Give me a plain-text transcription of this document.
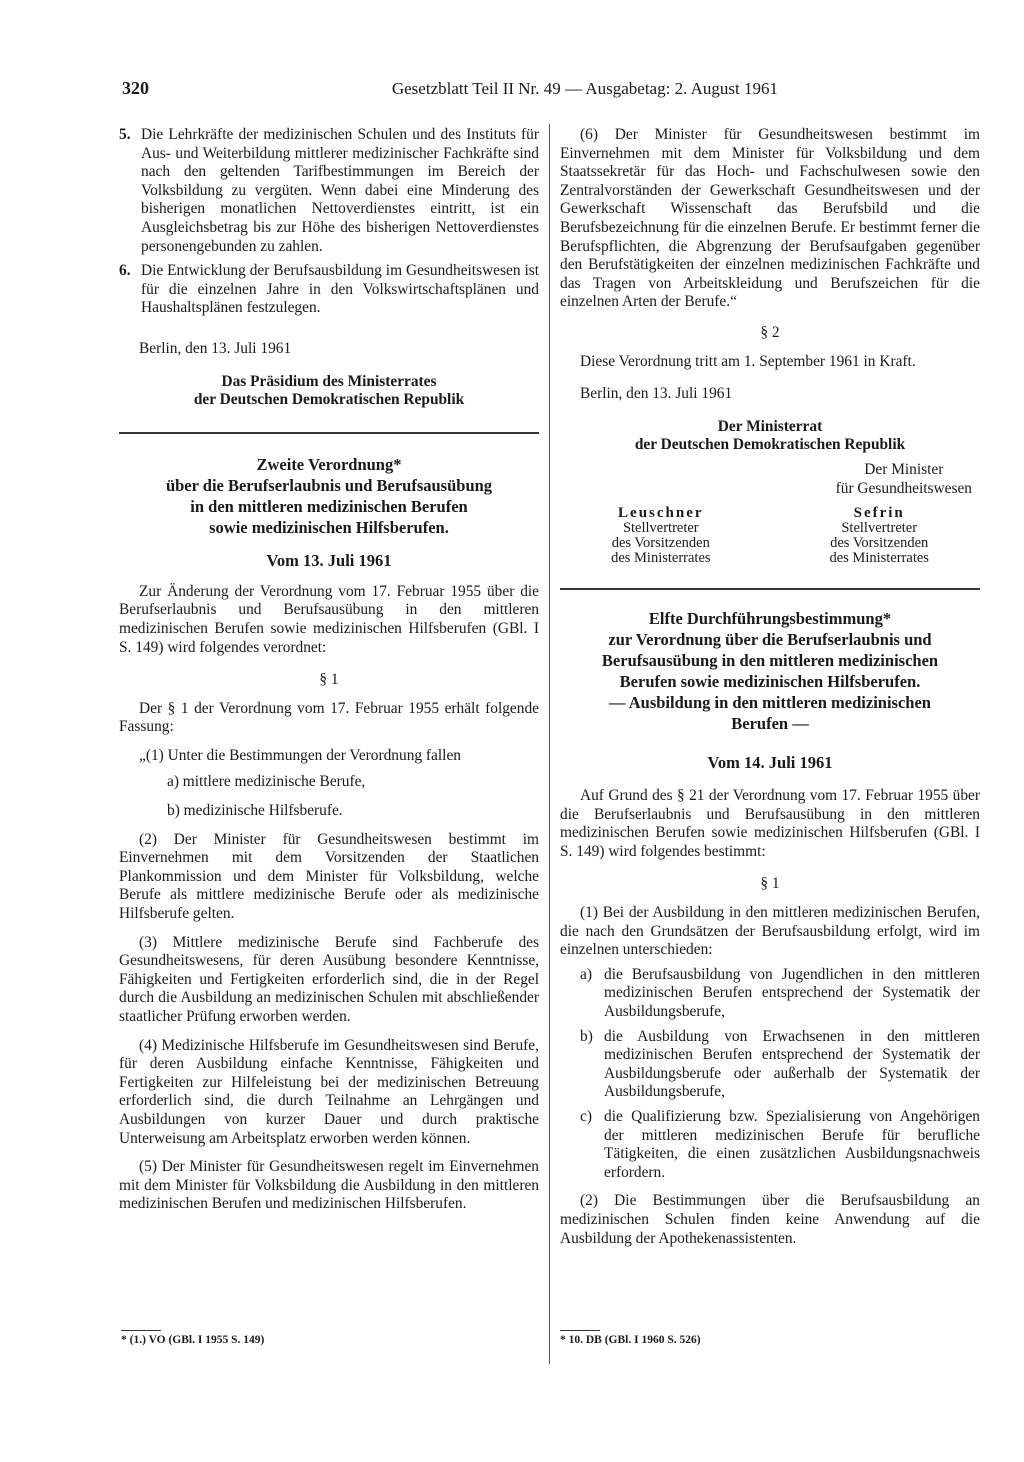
320	Gesetzblatt Teil II Nr. 49 — Ausgabetag: 2. August 1961
5. Die Lehrkräfte der medizinischen Schulen und des Instituts für Aus- und Weiterbildung mittlerer medizinischer Fachkräfte sind nach den geltenden Tarifbestimmungen im Bereich der Volksbildung zu vergüten. Wenn dabei eine Minderung des bisherigen monatlichen Nettoverdienstes eintritt, ist ein Ausgleichsbetrag bis zur Höhe des bisherigen Nettoverdienstes personengebunden zu zahlen.
6. Die Entwicklung der Berufsausbildung im Gesundheitswesen ist für die einzelnen Jahre in den Volkswirtschaftsplänen und Haushaltsplänen festzulegen.

Berlin, den 13. Juli 1961

Das Präsidium des Ministerrates
der Deutschen Demokratischen Republik
Zweite Verordnung*
über die Berufserlaubnis und Berufsausübung
in den mittleren medizinischen Berufen
sowie medizinischen Hilfsberufen.
Vom 13. Juli 1961

Zur Änderung der Verordnung vom 17. Februar 1955 über die Berufserlaubnis und Berufsausübung in den mittleren medizinischen Berufen sowie medizinischen Hilfsberufen (GBl. I S. 149) wird folgendes verordnet:

§ 1

Der § 1 der Verordnung vom 17. Februar 1955 erhält folgende Fassung:

„(1) Unter die Bestimmungen der Verordnung fallen

a) mittlere medizinische Berufe,

b) medizinische Hilfsberufe.

(2) Der Minister für Gesundheitswesen bestimmt im Einvernehmen mit dem Vorsitzenden der Staatlichen Plankommission und dem Minister für Volksbildung, welche Berufe als mittlere medizinische Berufe oder als medizinische Hilfsberufe gelten.

(3) Mittlere medizinische Berufe sind Fachberufe des Gesundheitswesens, für deren Ausübung besondere Kenntnisse, Fähigkeiten und Fertigkeiten erforderlich sind, die in der Regel durch die Ausbildung an medizinischen Schulen mit abschließender staatlicher Prüfung erworben werden.

(4) Medizinische Hilfsberufe im Gesundheitswesen sind Berufe, für deren Ausbildung einfache Kenntnisse, Fähigkeiten und Fertigkeiten zur Hilfeleistung bei der medizinischen Betreuung erforderlich sind, die durch Teilnahme an Lehrgängen und Ausbildungen von kurzer Dauer und durch praktische Unterweisung am Arbeitsplatz erworben werden können.

(5) Der Minister für Gesundheitswesen regelt im Einvernehmen mit dem Minister für Volksbildung die Ausbildung in den mittleren medizinischen Berufen und medizinischen Hilfsberufen.

* (1.) VO (GBl. I 1955 S. 149)

(6) Der Minister für Gesundheitswesen bestimmt im Einvernehmen mit dem Minister für Volksbildung und dem Staatssekretär für das Hoch- und Fachschulwesen sowie den Zentralvorständen der Gewerkschaft Gesundheitswesen und der Gewerkschaft Wissenschaft das Berufsbild und die Berufsbezeichnung für die einzelnen Berufe. Er bestimmt ferner die Berufspflichten, die Abgrenzung der Berufsaufgaben gegenüber den Berufstätigkeiten der einzelnen medizinischen Fachkräfte und das Tragen von Arbeitskleidung und Berufszeichen für die einzelnen Arten der Berufe.“

§ 2

Diese Verordnung tritt am 1. September 1961 in Kraft.

Berlin, den 13. Juli 1961

Der Ministerrat
der Deutschen Demokratischen Republik
Der Minister
für Gesundheitswesen
Leuschner
Stellvertreter
des Vorsitzenden
des Ministerrates
Sefrin
Stellvertreter
des Vorsitzenden
des Ministerrates
Elfte Durchführungsbestimmung*
zur Verordnung über die Berufserlaubnis und
Berufsausübung in den mittleren medizinischen
Berufen sowie medizinischen Hilfsberufen.
— Ausbildung in den mittleren medizinischen
Berufen —
Vom 14. Juli 1961

Auf Grund des § 21 der Verordnung vom 17. Februar 1955 über die Berufserlaubnis und Berufsausübung in den mittleren medizinischen Berufen sowie medizinischen Hilfsberufen (GBl. I S. 149) wird folgendes bestimmt:

§ 1

(1) Bei der Ausbildung in den mittleren medizinischen Berufen, die nach den Grundsätzen der Berufsausbildung erfolgt, wird im einzelnen unterschieden:

a) die Berufsausbildung von Jugendlichen in den mittleren medizinischen Berufen entsprechend der Systematik der Ausbildungsberufe,
b) die Ausbildung von Erwachsenen in den mittleren medizinischen Berufen entsprechend der Systematik der Ausbildungsberufe oder außerhalb der Systematik der Ausbildungsberufe,
c) die Qualifizierung bzw. Spezialisierung von Angehörigen der mittleren medizinischen Berufe für berufliche Tätigkeiten, die einen zusätzlichen Ausbildungsnachweis erfordern.

(2) Die Bestimmungen über die Berufsausbildung an medizinischen Schulen finden keine Anwendung auf die Ausbildung der Apothekenassistenten.

* 10. DB (GBl. I 1960 S. 526)
